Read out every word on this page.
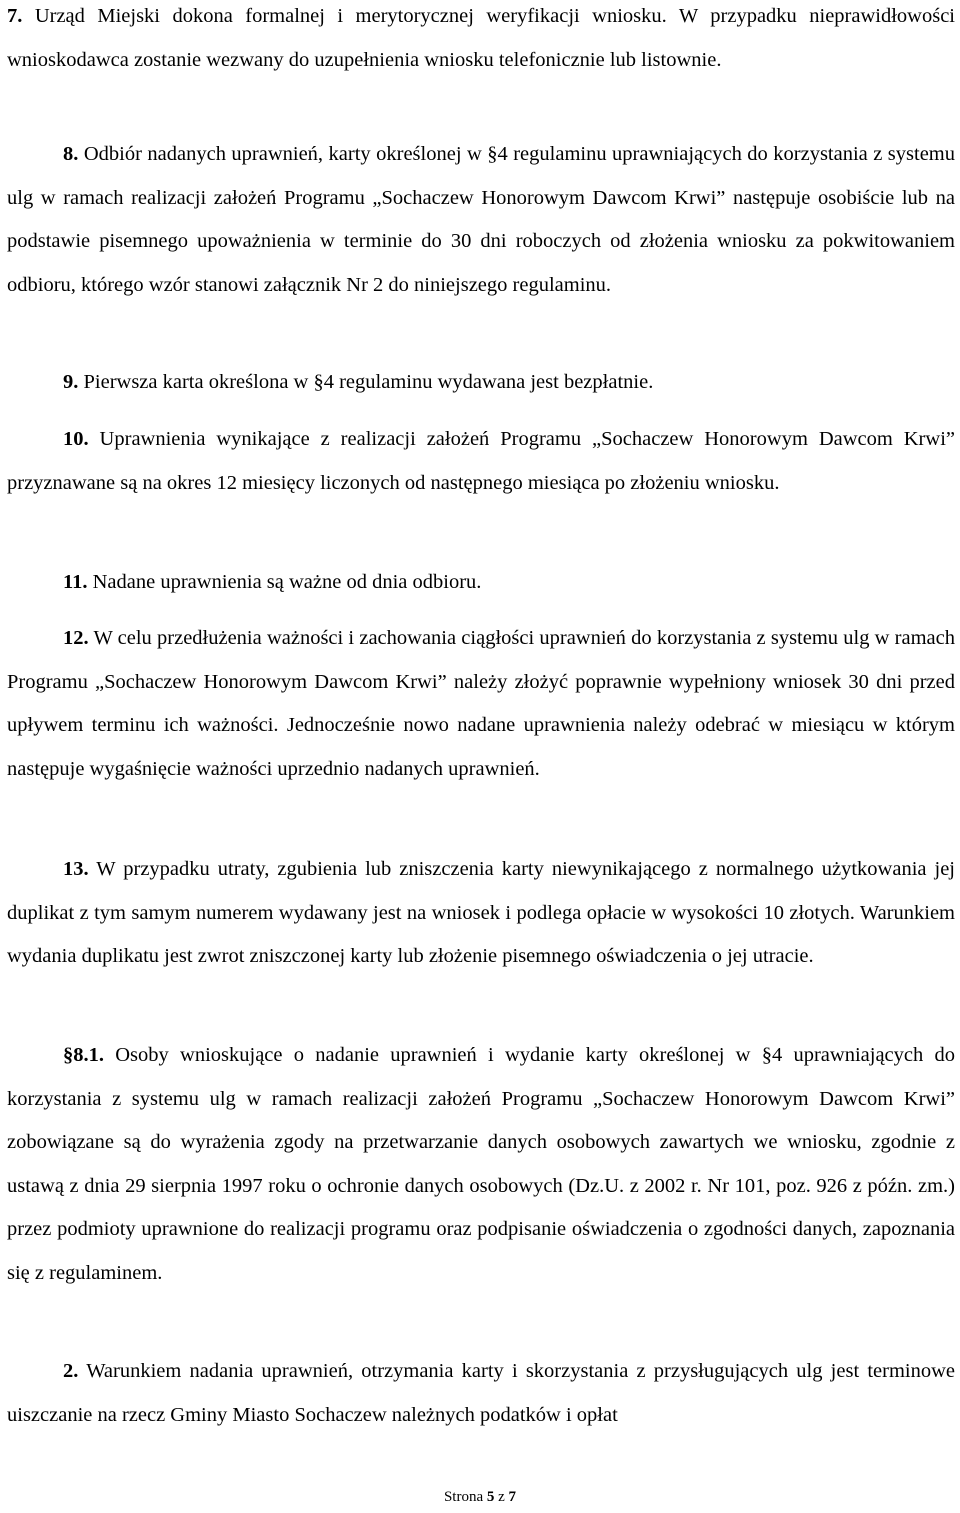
7. Urząd Miejski dokona formalnej i merytorycznej weryfikacji wniosku. W przypadku nieprawidłowości wnioskodawca zostanie wezwany do uzupełnienia wniosku telefonicznie lub listownie.

8. Odbiór nadanych uprawnień, karty określonej w §4 regulaminu uprawniających do korzystania z systemu ulg w ramach realizacji założeń Programu „Sochaczew Honorowym Dawcom Krwi” następuje osobiście lub na podstawie pisemnego upoważnienia w terminie do 30 dni roboczych od złożenia wniosku za pokwitowaniem odbioru, którego wzór stanowi załącznik Nr 2 do niniejszego regulaminu.

9. Pierwsza karta określona w §4 regulaminu wydawana jest bezpłatnie.

10. Uprawnienia wynikające z realizacji założeń Programu „Sochaczew Honorowym Dawcom Krwi” przyznawane są na okres 12 miesięcy liczonych od następnego miesiąca po złożeniu wniosku.

11. Nadane uprawnienia są ważne od dnia odbioru.

12. W celu przedłużenia ważności i zachowania ciągłości uprawnień do korzystania z systemu ulg w ramach Programu „Sochaczew Honorowym Dawcom Krwi” należy złożyć poprawnie wypełniony wniosek 30 dni przed upływem terminu ich ważności. Jednocześnie nowo nadane uprawnienia należy odebrać w miesiącu w którym następuje wygaśnięcie ważności uprzednio nadanych uprawnień.

13. W przypadku utraty, zgubienia lub zniszczenia karty niewynikającego z normalnego użytkowania jej duplikat z tym samym numerem wydawany jest na wniosek i podlega opłacie w wysokości 10 złotych. Warunkiem wydania duplikatu jest zwrot zniszczonej karty lub złożenie pisemnego oświadczenia o jej utracie.

§8.1. Osoby wnioskujące o nadanie uprawnień i wydanie karty określonej w §4 uprawniających do korzystania z systemu ulg w ramach realizacji założeń Programu „Sochaczew Honorowym Dawcom Krwi” zobowiązane są do wyrażenia zgody na przetwarzanie danych osobowych zawartych we wniosku, zgodnie z ustawą z dnia 29 sierpnia 1997 roku o ochronie danych osobowych (Dz.U. z 2002 r. Nr 101, poz. 926 z późn. zm.) przez podmioty uprawnione do realizacji programu oraz podpisanie oświadczenia o zgodności danych, zapoznania się z regulaminem.

2. Warunkiem nadania uprawnień, otrzymania karty i skorzystania z przysługujących ulg jest terminowe uiszczanie na rzecz Gminy Miasto Sochaczew należnych podatków i opłat

Strona 5 z 7
